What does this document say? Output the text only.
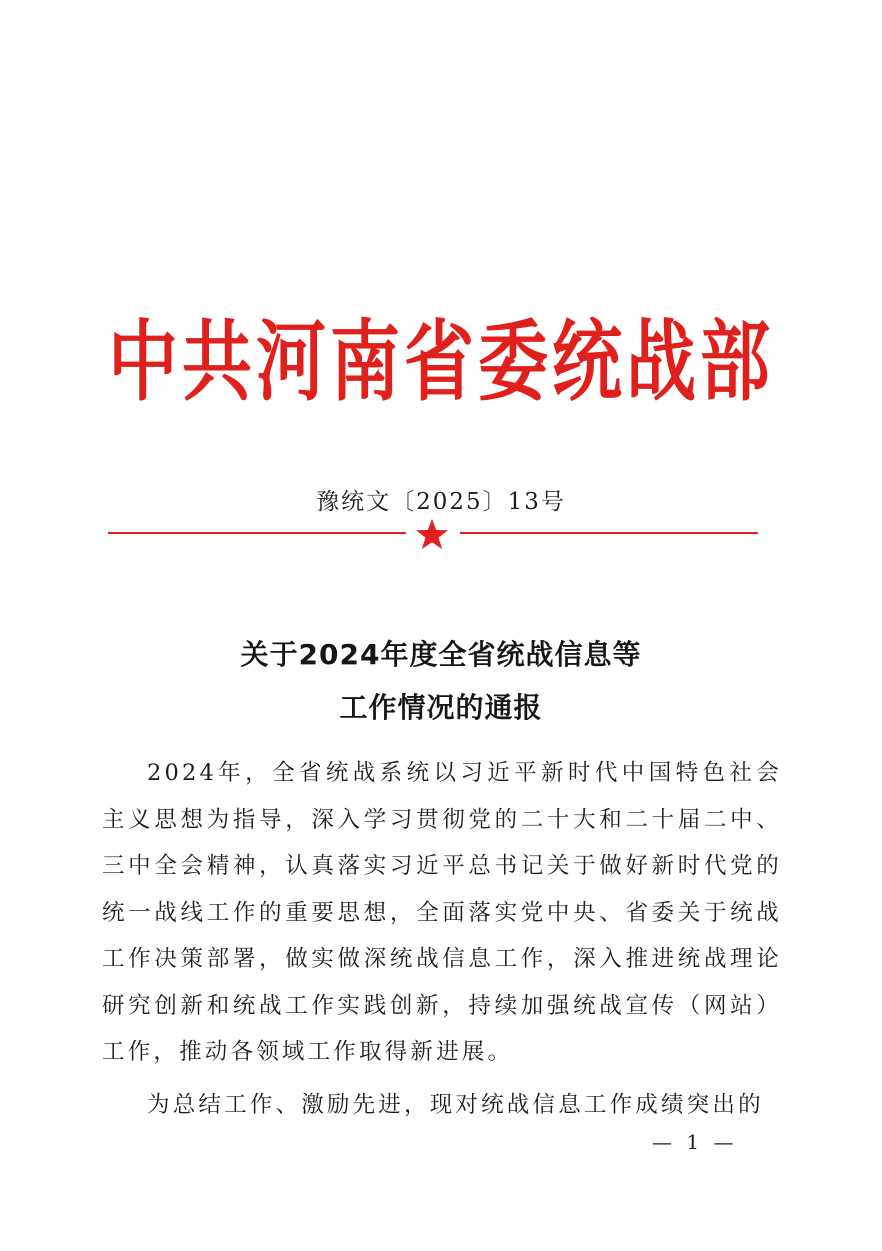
中共河南省委统战部
豫统文〔2025〕13号
关于2024年度全省统战信息等
工作情况的通报
2024年，全省统战系统以习近平新时代中国特色社会主义思想为指导，深入学习贯彻党的二十大和二十届二中、三中全会精神，认真落实习近平总书记关于做好新时代党的统一战线工作的重要思想，全面落实党中央、省委关于统战工作决策部署，做实做深统战信息工作，深入推进统战理论研究创新和统战工作实践创新，持续加强统战宣传（网站）工作，推动各领域工作取得新进展。
为总结工作、激励先进，现对统战信息工作成绩突出的
— 1 —
